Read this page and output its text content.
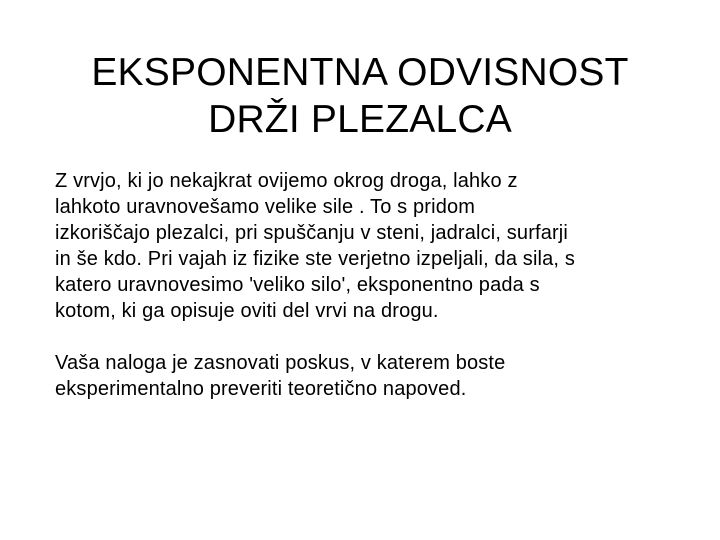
EKSPONENTNA ODVISNOST
DRŽI PLEZALCA

Z vrvjo, ki jo nekajkrat ovijemo okrog droga, lahko z
lahkoto uravnovešamo velike sile . To s pridom
izkoriščajo plezalci, pri spuščanju v steni, jadralci, surfarji
in še kdo. Pri vajah iz fizike ste verjetno izpeljali, da sila, s
katero uravnovesimo 'veliko silo', eksponentno pada s
kotom, ki ga opisuje oviti del vrvi na drogu.

Vaša naloga je zasnovati poskus, v katerem boste
eksperimentalno preveriti teoretično napoved.
